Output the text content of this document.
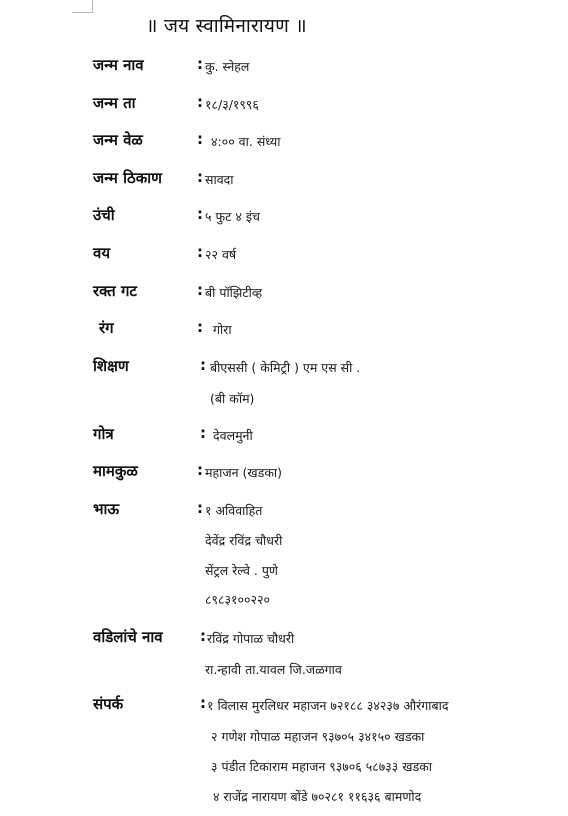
॥ जय स्वामिनारायण ॥
जन्म नाव	: कु. स्नेहल
जन्म ता	: १८/३/१९९६
जन्म वेळ	: ४:०० वा. संध्या
जन्म ठिकाण : सावदा
उंची	: ५ फुट ४ इंच
वय	: २२ वर्ष
रक्त गट	: बी पॉझिटीव्ह
रंग	: गोरा
शिक्षण	: बीएससी ( केमिट्री ) एम एस सी .
(बी कॉम)
गोत्र	: देवलमुनी
मामकुळ	: महाजन (खडका)
भाऊ	: १ अविवाहित
देवेंद्र रविंद्र चौधरी
सेंट्रल रेल्वे . पुणे
८९८३१००२२०
वडिलांचे नाव : रविंद्र गोपाळ चौधरी
रा.न्हावी ता.यावल जि.जळगाव
संपर्क	: १ विलास मुरलिधर महाजन ७२१८८ ३४२३७ औरंगाबाद
२ गणेश गोपाळ महाजन ९३७०५ ३४१५० खडका
३ पंडीत टिकाराम महाजन ९३७०६ ५८७३३ खडका
४ राजेंद्र नारायण बोंडे ७०२८१ ११६३६ बामणोद
